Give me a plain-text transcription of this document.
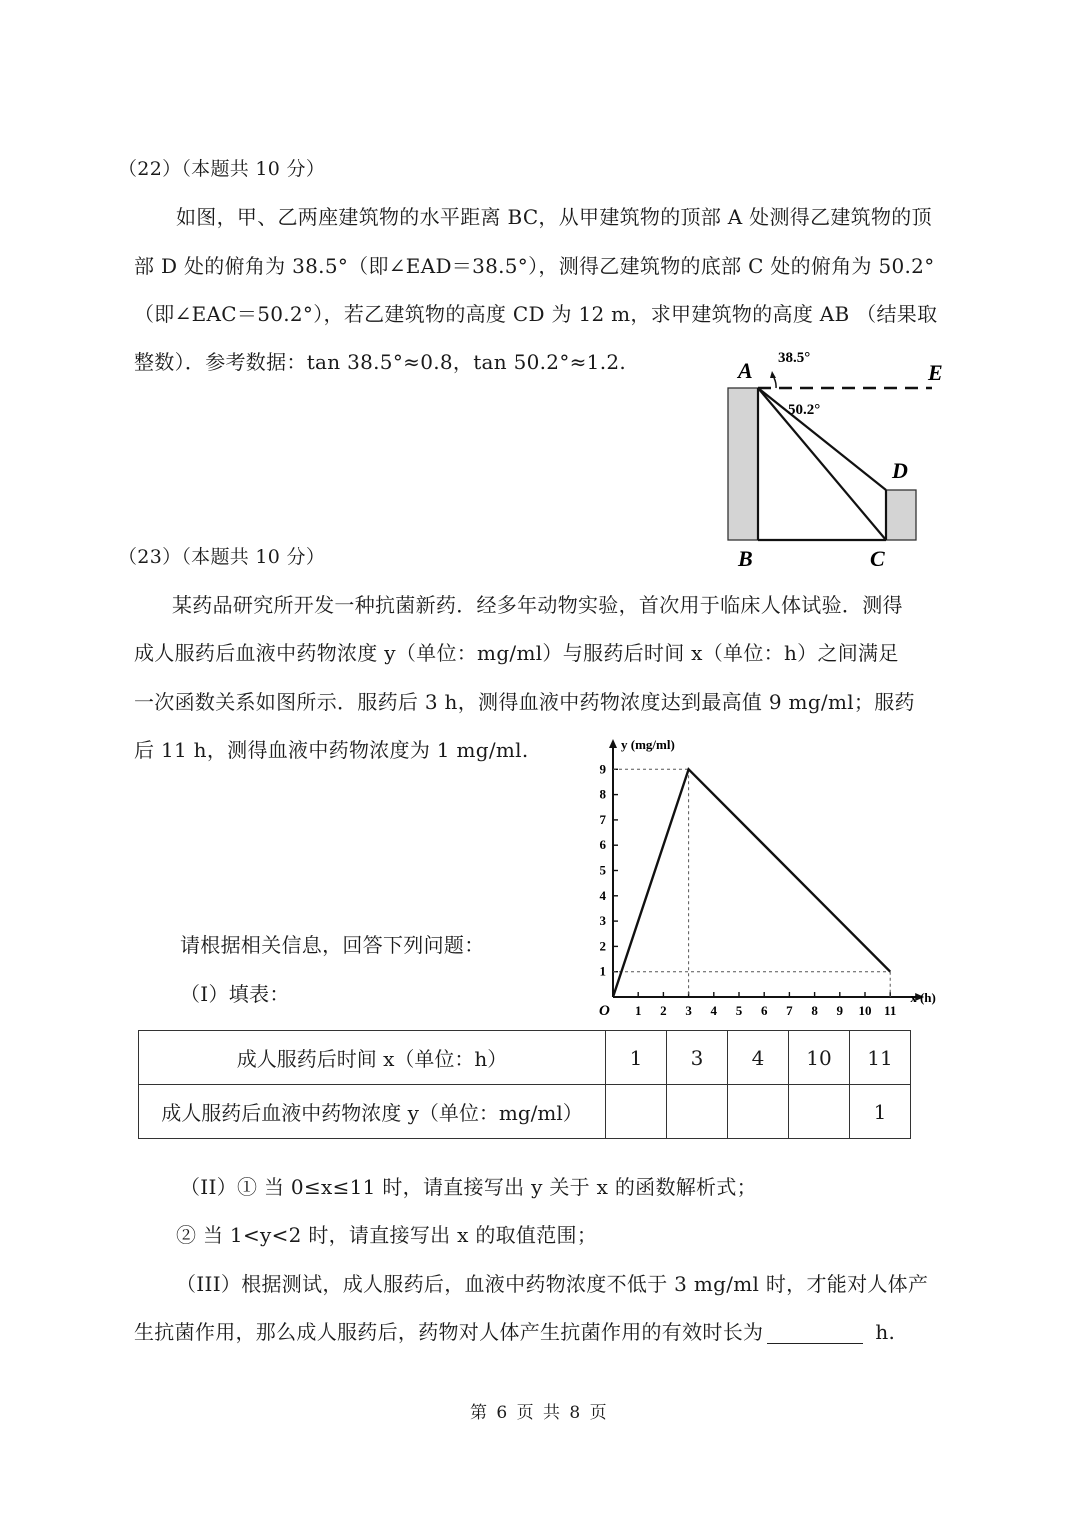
（22）（本题共 10 分）
如图，甲、乙两座建筑物的水平距离 BC，从甲建筑物的顶部 A 处测得乙建筑物的顶
部 D 处的俯角为 38.5°（即∠EAD＝38.5°），测得乙建筑物的底部 C 处的俯角为 50.2°
（即∠EAC＝50.2°），若乙建筑物的高度 CD 为 12 m，求甲建筑物的高度 AB （结果取
整数）．参考数据：tan 38.5°≈0.8，tan 50.2°≈1.2.	A
B	C
D
E
38.5°
50.2°
（23）（本题共 10 分）
某药品研究所开发一种抗菌新药．经多年动物实验，首次用于临床人体试验．测得
成人服药后血液中药物浓度 y（单位：mg/ml）与服药后时间 x（单位：h）之间满足
一次函数关系如图所示．服药后 3 h，测得血液中药物浓度达到最高值 9 mg/ml；服药
后 11 h，测得血液中药物浓度为 1 mg/ml.
1 2 3 4 5 6 7 8 9 10 11
1
2
3
4
5
6
7
8
9
y (mg/ml)
x (h)
O
请根据相关信息，回答下列问题：
（I）填表：
成人服药后时间 x（单位：h）	1	3	4	10	11
成人服药后血液中药物浓度 y（单位：mg/ml）					1
（II）① 当 0≤x≤11 时，请直接写出 y 关于 x 的函数解析式；
② 当 1<y<2 时，请直接写出 x 的取值范围；
（III）根据测试，成人服药后，血液中药物浓度不低于 3 mg/ml 时，才能对人体产
生抗菌作用，那么成人服药后，药物对人体产生抗菌作用的有效时长为	h.
第 6 页 共 8 页
